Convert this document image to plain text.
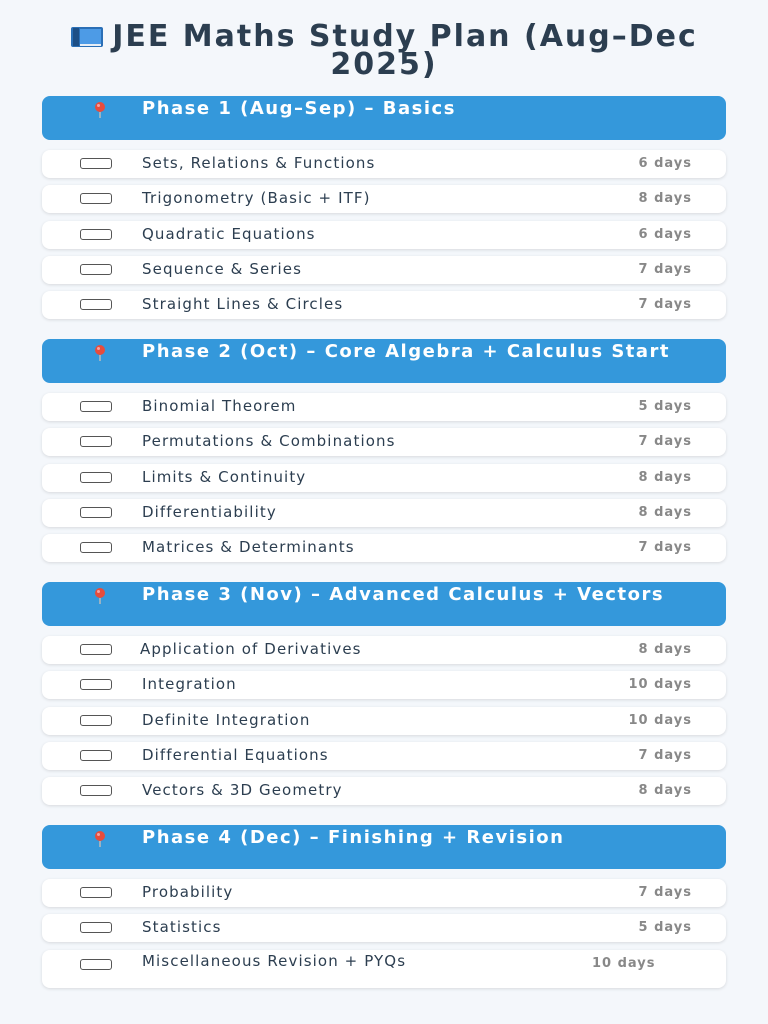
JEE Maths Study Plan (Aug–Dec 2025)
Phase 1 (Aug–Sep) – Basics
Sets, Relations & Functions	6 days
Trigonometry (Basic + ITF)	8 days
Quadratic Equations	6 days
Sequence & Series	7 days
Straight Lines & Circles	7 days
Phase 2 (Oct) – Core Algebra + Calculus Start
Binomial Theorem	5 days
Permutations & Combinations	7 days
Limits & Continuity	8 days
Differentiability	8 days
Matrices & Determinants	7 days
Phase 3 (Nov) – Advanced Calculus + Vectors
Application of Derivatives	8 days
Integration	10 days
Definite Integration	10 days
Differential Equations	7 days
Vectors & 3D Geometry	8 days
Phase 4 (Dec) – Finishing + Revision
Probability	7 days
Statistics	5 days
Miscellaneous Revision + PYQs	10 days
